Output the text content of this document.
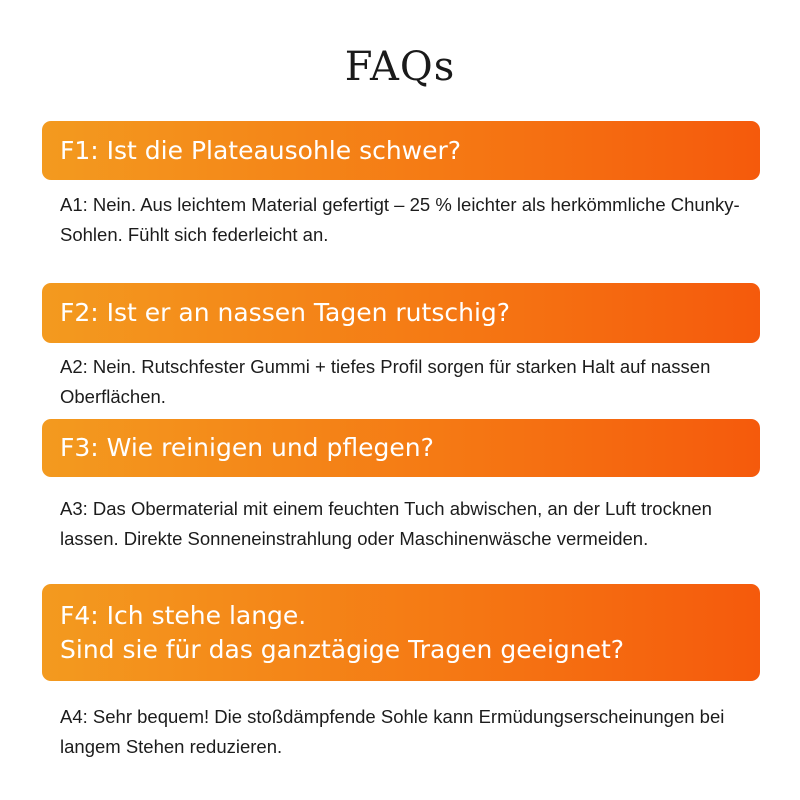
FAQs
F1: Ist die Plateausohle schwer?

A1: Nein. Aus leichtem Material gefertigt – 25 % leichter als herkömmliche Chunky-Sohlen. Fühlt sich federleicht an.

F2: Ist er an nassen Tagen rutschig?

A2: Nein. Rutschfester Gummi + tiefes Profil sorgen für starken Halt auf nassen Oberflächen.

F3: Wie reinigen und pflegen?

A3: Das Obermaterial mit einem feuchten Tuch abwischen, an der Luft trocknen lassen. Direkte Sonneneinstrahlung oder Maschinenwäsche vermeiden.

F4: Ich stehe lange.
Sind sie für das ganztägige Tragen geeignet?

A4: Sehr bequem! Die stoßdämpfende Sohle kann Ermüdungserscheinungen bei langem Stehen reduzieren.
